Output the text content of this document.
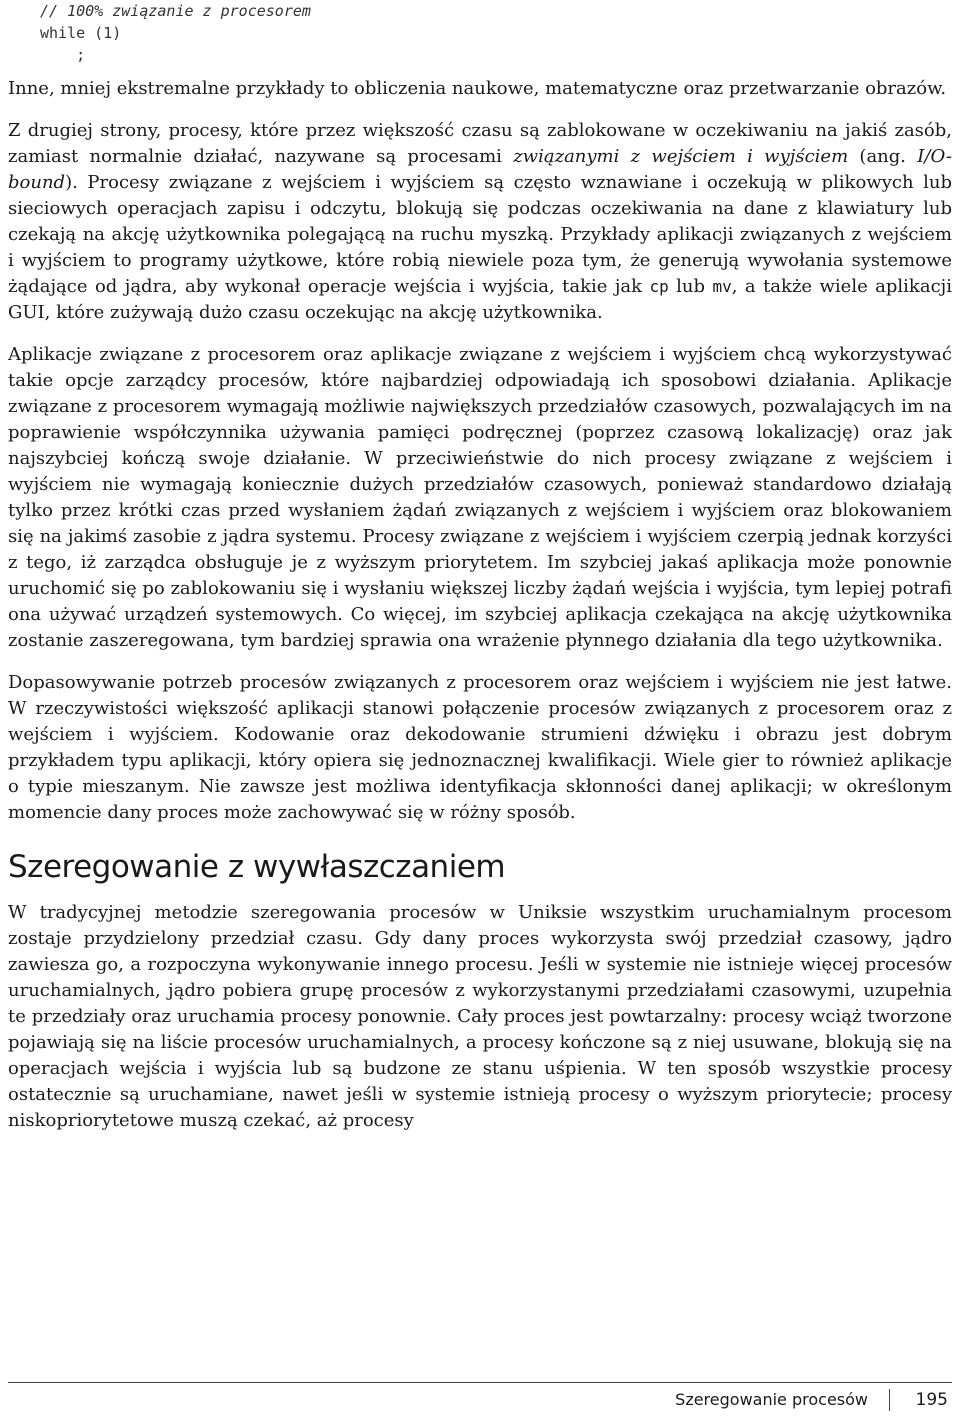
// 100% związanie z procesorem
while (1)
;

Inne, mniej ekstremalne przykłady to obliczenia naukowe, matematyczne oraz przetwarzanie obrazów.

Z drugiej strony, procesy, które przez większość czasu są zablokowane w oczekiwaniu na jakiś zasób, zamiast normalnie działać, nazywane są procesami związanymi z wejściem i wyjściem (ang. I/O-bound). Procesy związane z wejściem i wyjściem są często wznawiane i oczekują w plikowych lub sieciowych operacjach zapisu i odczytu, blokują się podczas oczekiwania na dane z klawiatury lub czekają na akcję użytkownika polegającą na ruchu myszką. Przykłady aplikacji związanych z wejściem i wyjściem to programy użytkowe, które robią niewiele poza tym, że generują wywołania systemowe żądające od jądra, aby wykonał operacje wejścia i wyjścia, takie jak cp lub mv, a także wiele aplikacji GUI, które zużywają dużo czasu oczekując na akcję użytkownika.

Aplikacje związane z procesorem oraz aplikacje związane z wejściem i wyjściem chcą wykorzystywać takie opcje zarządcy procesów, które najbardziej odpowiadają ich sposobowi działania. Aplikacje związane z procesorem wymagają możliwie największych przedziałów czasowych, pozwalających im na poprawienie współczynnika używania pamięci podręcznej (poprzez czasową lokalizację) oraz jak najszybciej kończą swoje działanie. W przeciwieństwie do nich procesy związane z wejściem i wyjściem nie wymagają koniecznie dużych przedziałów czasowych, ponieważ standardowo działają tylko przez krótki czas przed wysłaniem żądań związanych z wejściem i wyjściem oraz blokowaniem się na jakimś zasobie z jądra systemu. Procesy związane z wejściem i wyjściem czerpią jednak korzyści z tego, iż zarządca obsługuje je z wyższym priorytetem. Im szybciej jakaś aplikacja może ponownie uruchomić się po zablokowaniu się i wysłaniu większej liczby żądań wejścia i wyjścia, tym lepiej potrafi ona używać urządzeń systemowych. Co więcej, im szybciej aplikacja czekająca na akcję użytkownika zostanie zaszeregowana, tym bardziej sprawia ona wrażenie płynnego działania dla tego użytkownika.

Dopasowywanie potrzeb procesów związanych z procesorem oraz wejściem i wyjściem nie jest łatwe. W rzeczywistości większość aplikacji stanowi połączenie procesów związanych z procesorem oraz z wejściem i wyjściem. Kodowanie oraz dekodowanie strumieni dźwięku i obrazu jest dobrym przykładem typu aplikacji, który opiera się jednoznacznej kwalifikacji. Wiele gier to również aplikacje o typie mieszanym. Nie zawsze jest możliwa identyfikacja skłonności danej aplikacji; w określonym momencie dany proces może zachowywać się w różny sposób.

Szeregowanie z wywłaszczaniem

W tradycyjnej metodzie szeregowania procesów w Uniksie wszystkim uruchamialnym procesom zostaje przydzielony przedział czasu. Gdy dany proces wykorzysta swój przedział czasowy, jądro zawiesza go, a rozpoczyna wykonywanie innego procesu. Jeśli w systemie nie istnieje więcej procesów uruchamialnych, jądro pobiera grupę procesów z wykorzystanymi przedziałami czasowymi, uzupełnia te przedziały oraz uruchamia procesy ponownie. Cały proces jest powtarzalny: procesy wciąż tworzone pojawiają się na liście procesów uruchamialnych, a procesy kończone są z niej usuwane, blokują się na operacjach wejścia i wyjścia lub są budzone ze stanu uśpienia. W ten sposób wszystkie procesy ostatecznie są uruchamiane, nawet jeśli w systemie istnieją procesy o wyższym priorytecie; procesy niskopriorytetowe muszą czekać, aż procesy

Szeregowanie procesów	195
